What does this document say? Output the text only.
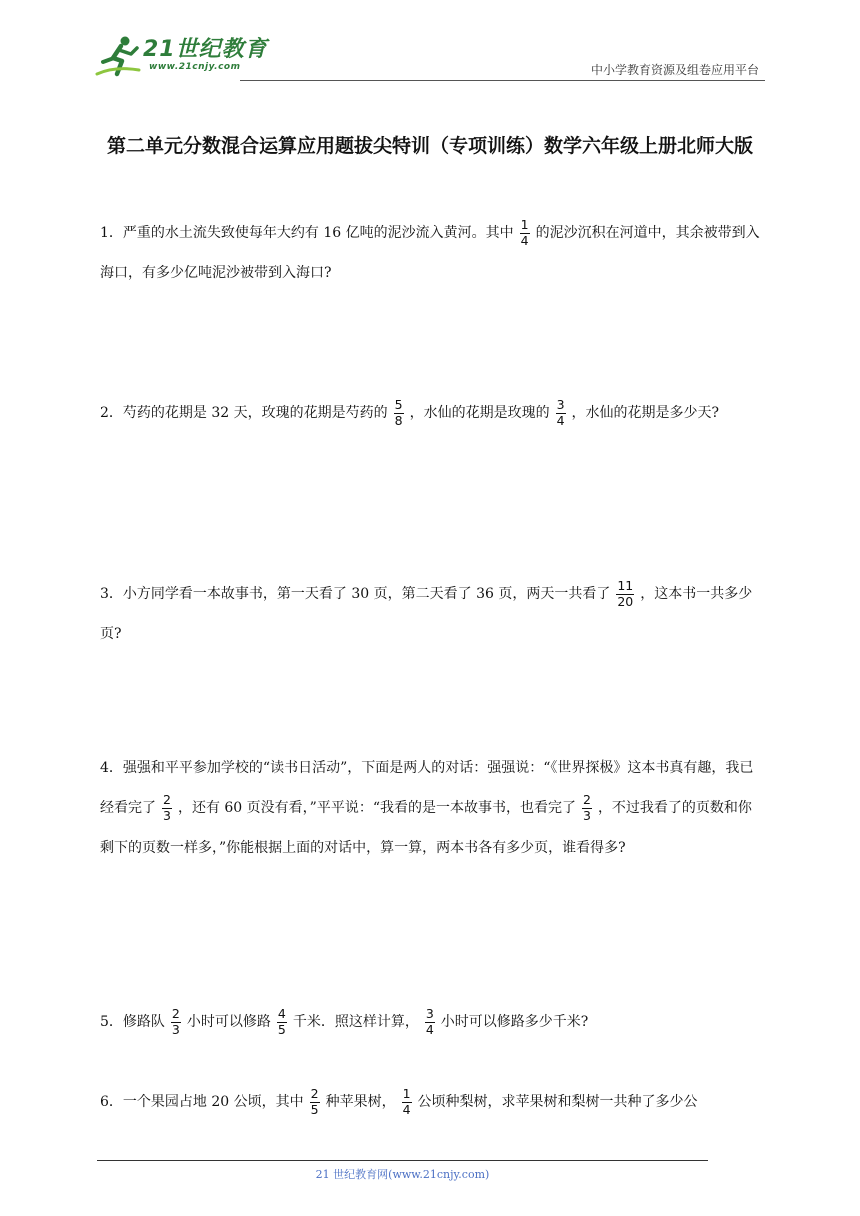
21世纪教育
www.21cnjy.com	中小学教育资源及组卷应用平台
第二单元分数混合运算应用题拔尖特训（专项训练）数学六年级上册北师大版
1．严重的水土流失致使每年大约有 16 亿吨的泥沙流入黄河。其中 $\frac{1}{4}$ 的泥沙沉积在河道中，其余被带到入海口，有多少亿吨泥沙被带到入海口?
2．芍药的花期是 32 天，玫瑰的花期是芍药的 $\frac{5}{8}$ ，水仙的花期是玫瑰的 $\frac{3}{4}$ ，水仙的花期是多少天?
3．小方同学看一本故事书，第一天看了 30 页，第二天看了 36 页，两天一共看了 $\frac{11}{20}$ ，这本书一共多少页?
4．强强和平平参加学校的“读书日活动”，下面是两人的对话：强强说：“《世界探极》这本书真有趣，我已经看完了 $\frac{2}{3}$ ，还有 60 页没有看，”平平说：“我看的是一本故事书，也看完了 $\frac{2}{3}$ ，不过我看了的页数和你剩下的页数一样多，”你能根据上面的对话中，算一算，两本书各有多少页，谁看得多?
5．修路队 $\frac{2}{3}$ 小时可以修路 $\frac{4}{5}$ 千米．照这样计算， $\frac{3}{4}$ 小时可以修路多少千米?
6．一个果园占地 20 公顷，其中 $\frac{2}{5}$ 种苹果树， $\frac{1}{4}$ 公顷种梨树，求苹果树和梨树一共种了多少公
21 世纪教育网(www.21cnjy.com)
